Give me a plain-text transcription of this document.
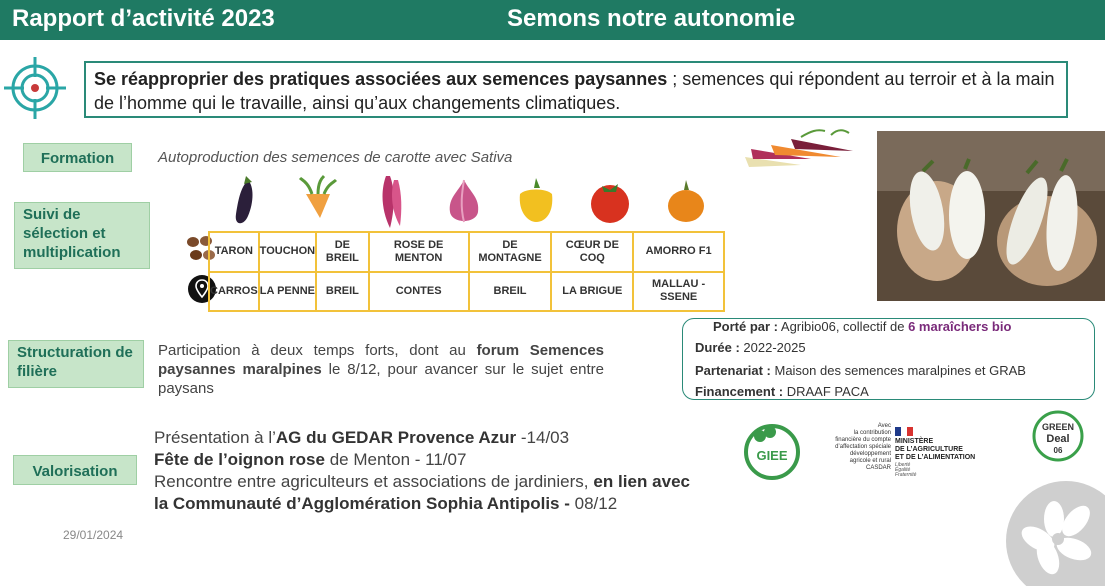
Rapport d’activité 2023	Semons notre autonomie
Se réapproprier des pratiques associées aux semences paysannes ; semences qui répondent au terroir et à la main de l’homme qui le travaille, ainsi qu’aux changements climatiques.
Formation
Suivi de sélection et multiplication
Structuration de filière
Valorisation
Autoproduction des semences de carotte avec Sativa
TARON	TOUCHON	DE BREIL	ROSE DE MENTON	DE MONTAGNE	CŒUR DE COQ	AMORRO F1
CARROS	LA PENNE	BREIL	CONTES	BREIL	LA BRIGUE	MALLAU -SSENE
Porté par : Agribio06, collectif de 6 maraîchers bio
Durée : 2022-2025
Partenariat : Maison des semences maralpines et GRAB
Financement : DRAAF PACA
Participation à deux temps forts, dont au forum Semences paysannes maralpines le 8/12, pour avancer sur le sujet entre paysans
Présentation à l’AG du GEDAR Provence Azur -14/03
Fête de l’oignon rose de Menton - 11/07
Rencontre entre agriculteurs et associations de jardiniers, en lien avec la Communauté d’Agglomération Sophia Antipolis - 08/12
29/01/2024
GIEE
Avec
la contribution
financière du compte
d’affectation spéciale
développement
agricole et rural
CASDAR
MINISTÈRE
DE L’AGRICULTURE
ET DE L’ALIMENTATION
Liberté
Égalité
Fraternité
GREEN
Deal
06
